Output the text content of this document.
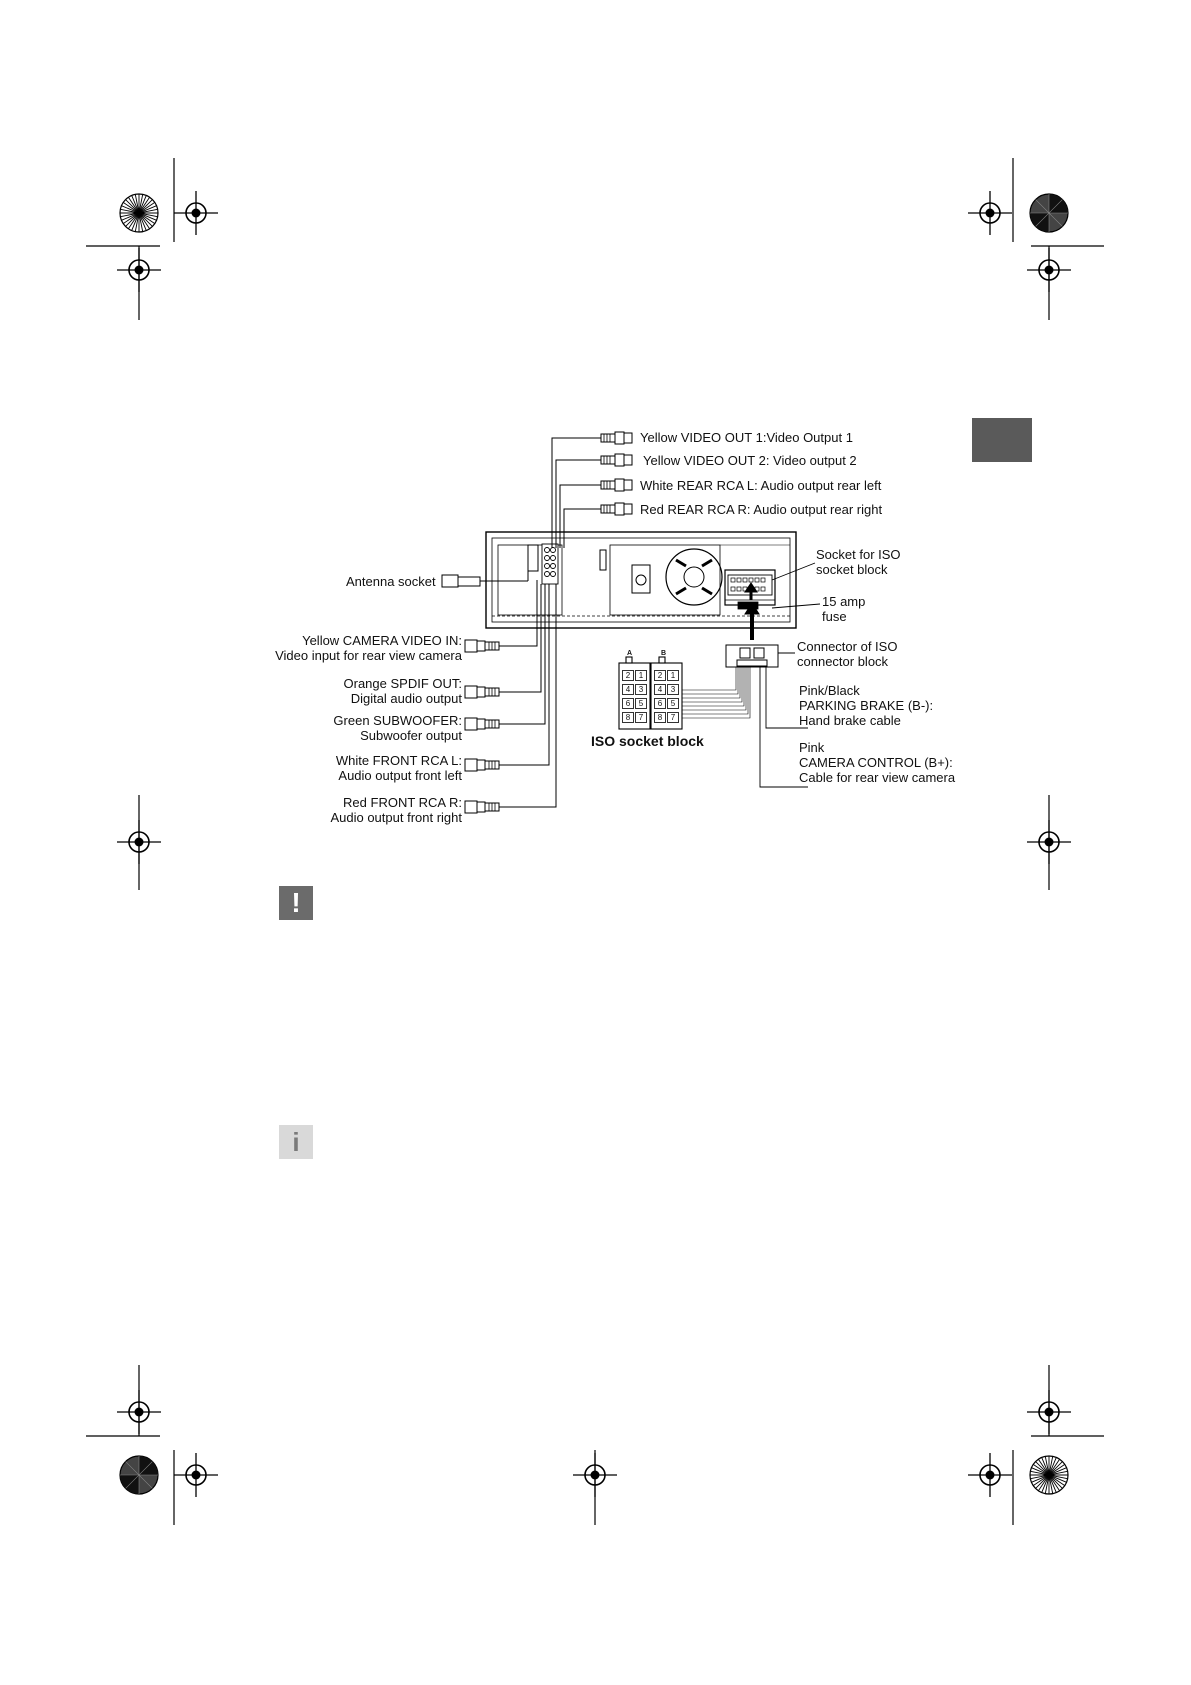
Yellow VIDEO OUT 1:Video Output 1
Yellow VIDEO OUT 2: Video output 2
White REAR RCA L: Audio output rear left
Red REAR RCA R: Audio output rear right
Antenna socket
Yellow CAMERA VIDEO IN:
Video input for rear view camera
Orange SPDIF OUT:
Digital audio output
Green SUBWOOFER:
Subwoofer output
White FRONT RCA L:
Audio output front left
Red FRONT RCA R:
Audio output front right
Socket for ISO
socket block
15 amp
fuse
Connector of ISO
connector block
Pink/Black
PARKING BRAKE (B-):
Hand brake cable
Pink
CAMERA CONTROL (B+):
Cable for rear view camera
A	B
2	1	2	1
4	3	4	3
6	5	6	5
8	7	8	7
ISO socket block
!
i
